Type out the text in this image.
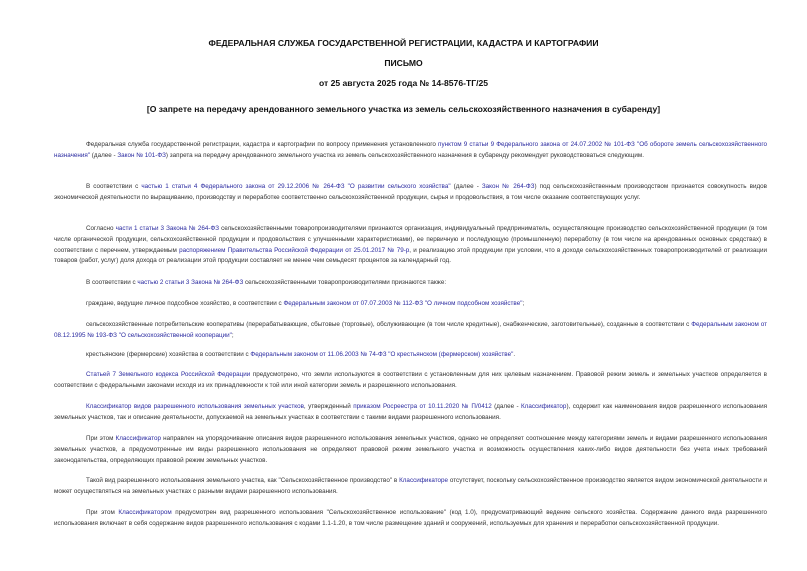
ФЕДЕРАЛЬНАЯ СЛУЖБА ГОСУДАРСТВЕННОЙ РЕГИСТРАЦИИ, КАДАСТРА И КАРТОГРАФИИ
ПИСЬМО
от 25 августа 2025 года № 14-8576-ТГ/25
[О запрете на передачу арендованного земельного участка из земель сельскохозяйственного назначения в субаренду]
Федеральная служба государственной регистрации, кадастра и картографии по вопросу применения установленного пунктом 9 статьи 9 Федерального закона от 24.07.2002 № 101-ФЗ "Об обороте земель сельскохозяйственного назначения" (далее - Закон № 101-ФЗ) запрета на передачу арендованного земельного участка из земель сельскохозяйственного назначения в субаренду рекомендует руководствоваться следующим.
В соответствии с частью 1 статьи 4 Федерального закона от 29.12.2006 № 264-ФЗ "О развитии сельского хозяйства" (далее - Закон № 264-ФЗ) под сельскохозяйственным производством признается совокупность видов экономической деятельности по выращиванию, производству и переработке соответственно сельскохозяйственной продукции, сырья и продовольствия, в том числе оказание соответствующих услуг.
Согласно части 1 статьи 3 Закона № 264-ФЗ сельскохозяйственными товаропроизводителями признаются организация, индивидуальный предприниматель, осуществляющие производство сельскохозяйственной продукции (в том числе органической продукции, сельскохозяйственной продукции и продовольствия с улучшенными характеристиками), ее первичную и последующую (промышленную) переработку (в том числе на арендованных основных средствах) в соответствии с перечнем, утверждаемым распоряжением Правительства Российской Федерации от 25.01.2017 № 79-р, и реализацию этой продукции при условии, что в доходе сельскохозяйственных товаропроизводителей от реализации товаров (работ, услуг) доля дохода от реализации этой продукции составляет не менее чем семьдесят процентов за календарный год.
В соответствии с частью 2 статьи 3 Закона № 264-ФЗ сельскохозяйственными товаропроизводителями признаются также:
граждане, ведущие личное подсобное хозяйство, в соответствии с Федеральным законом от 07.07.2003 № 112-ФЗ "О личном подсобном хозяйстве";
сельскохозяйственные потребительские кооперативы (перерабатывающие, сбытовые (торговые), обслуживающие (в том числе кредитные), снабженческие, заготовительные), созданные в соответствии с Федеральным законом от 08.12.1995 № 193-ФЗ "О сельскохозяйственной кооперации";
крестьянские (фермерские) хозяйства в соответствии с Федеральным законом от 11.06.2003 № 74-ФЗ "О крестьянском (фермерском) хозяйстве".
Статьей 7 Земельного кодекса Российской Федерации предусмотрено, что земли используются в соответствии с установленным для них целевым назначением. Правовой режим земель и земельных участков определяется в соответствии с федеральными законами исходя из их принадлежности к той или иной категории земель и разрешенного использования.
Классификатор видов разрешенного использования земельных участков, утвержденный приказом Росреестра от 10.11.2020 № П/0412 (далее - Классификатор), содержит как наименования видов разрешенного использования земельных участков, так и описание деятельности, допускаемой на земельных участках в соответствии с такими видами разрешенного использования.
При этом Классификатор направлен на упорядочивание описания видов разрешенного использования земельных участков, однако не определяет соотношение между категориями земель и видами разрешенного использования земельных участков, а предусмотренные им виды разрешенного использования не определяют правовой режим земельного участка и возможность осуществления каких-либо видов деятельности без учета иных требований законодательства, определяющих правовой режим земельных участков.
Такой вид разрешенного использования земельного участка, как "Сельскохозяйственное производство" в Классификаторе отсутствует, поскольку сельскохозяйственное производство является видом экономической деятельности и может осуществляться на земельных участках с разными видами разрешенного использования.
При этом Классификатором предусмотрен вид разрешенного использования "Сельскохозяйственное использование" (код 1.0), предусматривающий ведение сельского хозяйства. Содержание данного вида разрешенного использования включает в себя содержание видов разрешенного использования с кодами 1.1-1.20, в том числе размещение зданий и сооружений, используемых для хранения и переработки сельскохозяйственной продукции.
